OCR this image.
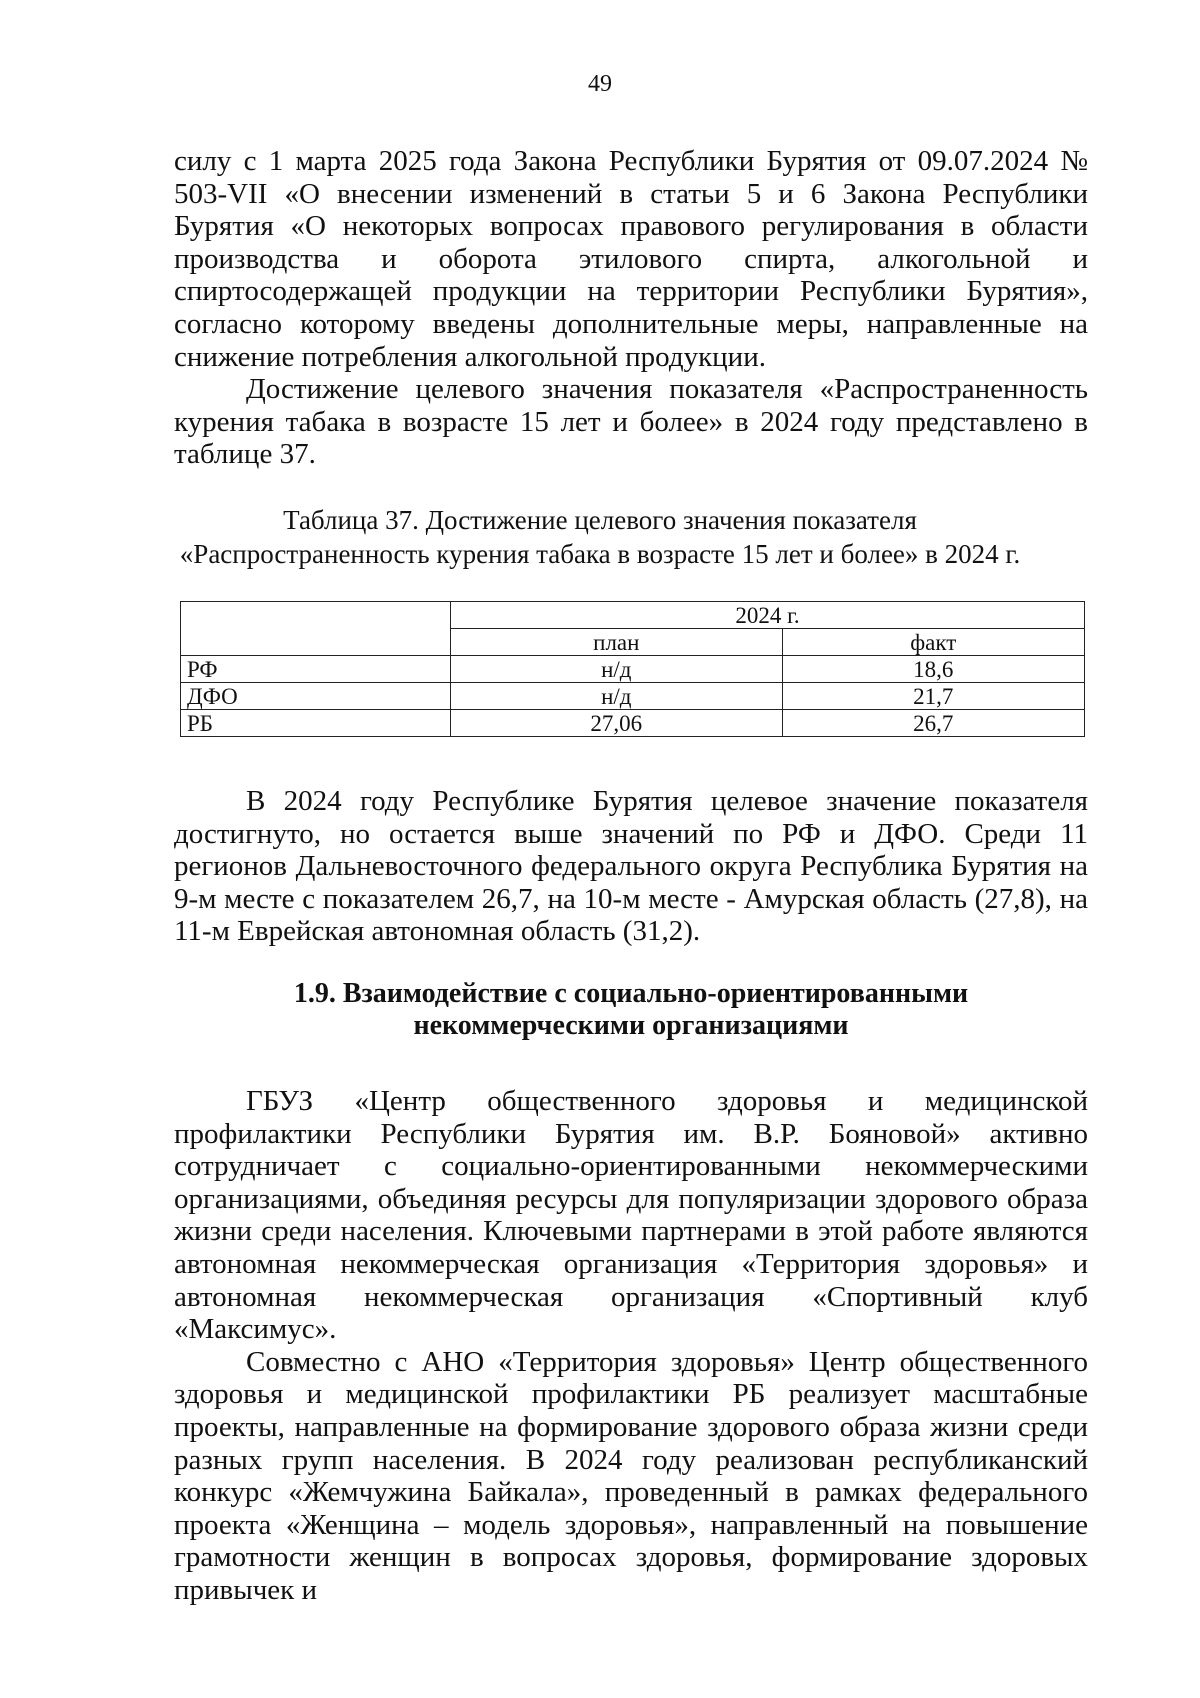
49

силу с 1 марта 2025 года Закона Республики Бурятия от 09.07.2024 № 503-VII «О внесении изменений в статьи 5 и 6 Закона Республики Бурятия «О некоторых вопросах правового регулирования в области производства и оборота этилового спирта, алкогольной и спиртосодержащей продукции на территории Республики Бурятия», согласно которому введены дополнительные меры, направленные на снижение потребления алкогольной продукции.

Достижение целевого значения показателя «Распространенность курения табака в возрасте 15 лет и более» в 2024 году представлено в таблице 37.

Таблица 37. Достижение целевого значения показателя
«Распространенность курения табака в возрасте 15 лет и более» в 2024 г.
	2024 г.	
	план	факт
РФ	н/д	18,6
ДФО	н/д	21,7
РБ	27,06	26,7

В 2024 году Республике Бурятия целевое значение показателя достигнуто, но остается выше значений по РФ и ДФО. Среди 11 регионов Дальневосточного федерального округа Республика Бурятия на 9-м месте с показателем 26,7, на 10-м месте - Амурская область (27,8), на 11-м Еврейская автономная область (31,2).

1.9. Взаимодействие с социально-ориентированными
некоммерческими организациями

ГБУЗ «Центр общественного здоровья и медицинской профилактики Республики Бурятия им. В.Р. Бояновой» активно сотрудничает с социально-ориентированными некоммерческими организациями, объединяя ресурсы для популяризации здорового образа жизни среди населения. Ключевыми партнерами в этой работе являются автономная некоммерческая организация «Территория здоровья» и автономная некоммерческая организация «Спортивный клуб «Максимус».

Совместно с АНО «Территория здоровья» Центр общественного здоровья и медицинской профилактики РБ реализует масштабные проекты, направленные на формирование здорового образа жизни среди разных групп населения. В 2024 году реализован республиканский конкурс «Жемчужина Байкала», проведенный в рамках федерального проекта «Женщина – модель здоровья», направленный на повышение грамотности женщин в вопросах здоровья, формирование здоровых привычек и
